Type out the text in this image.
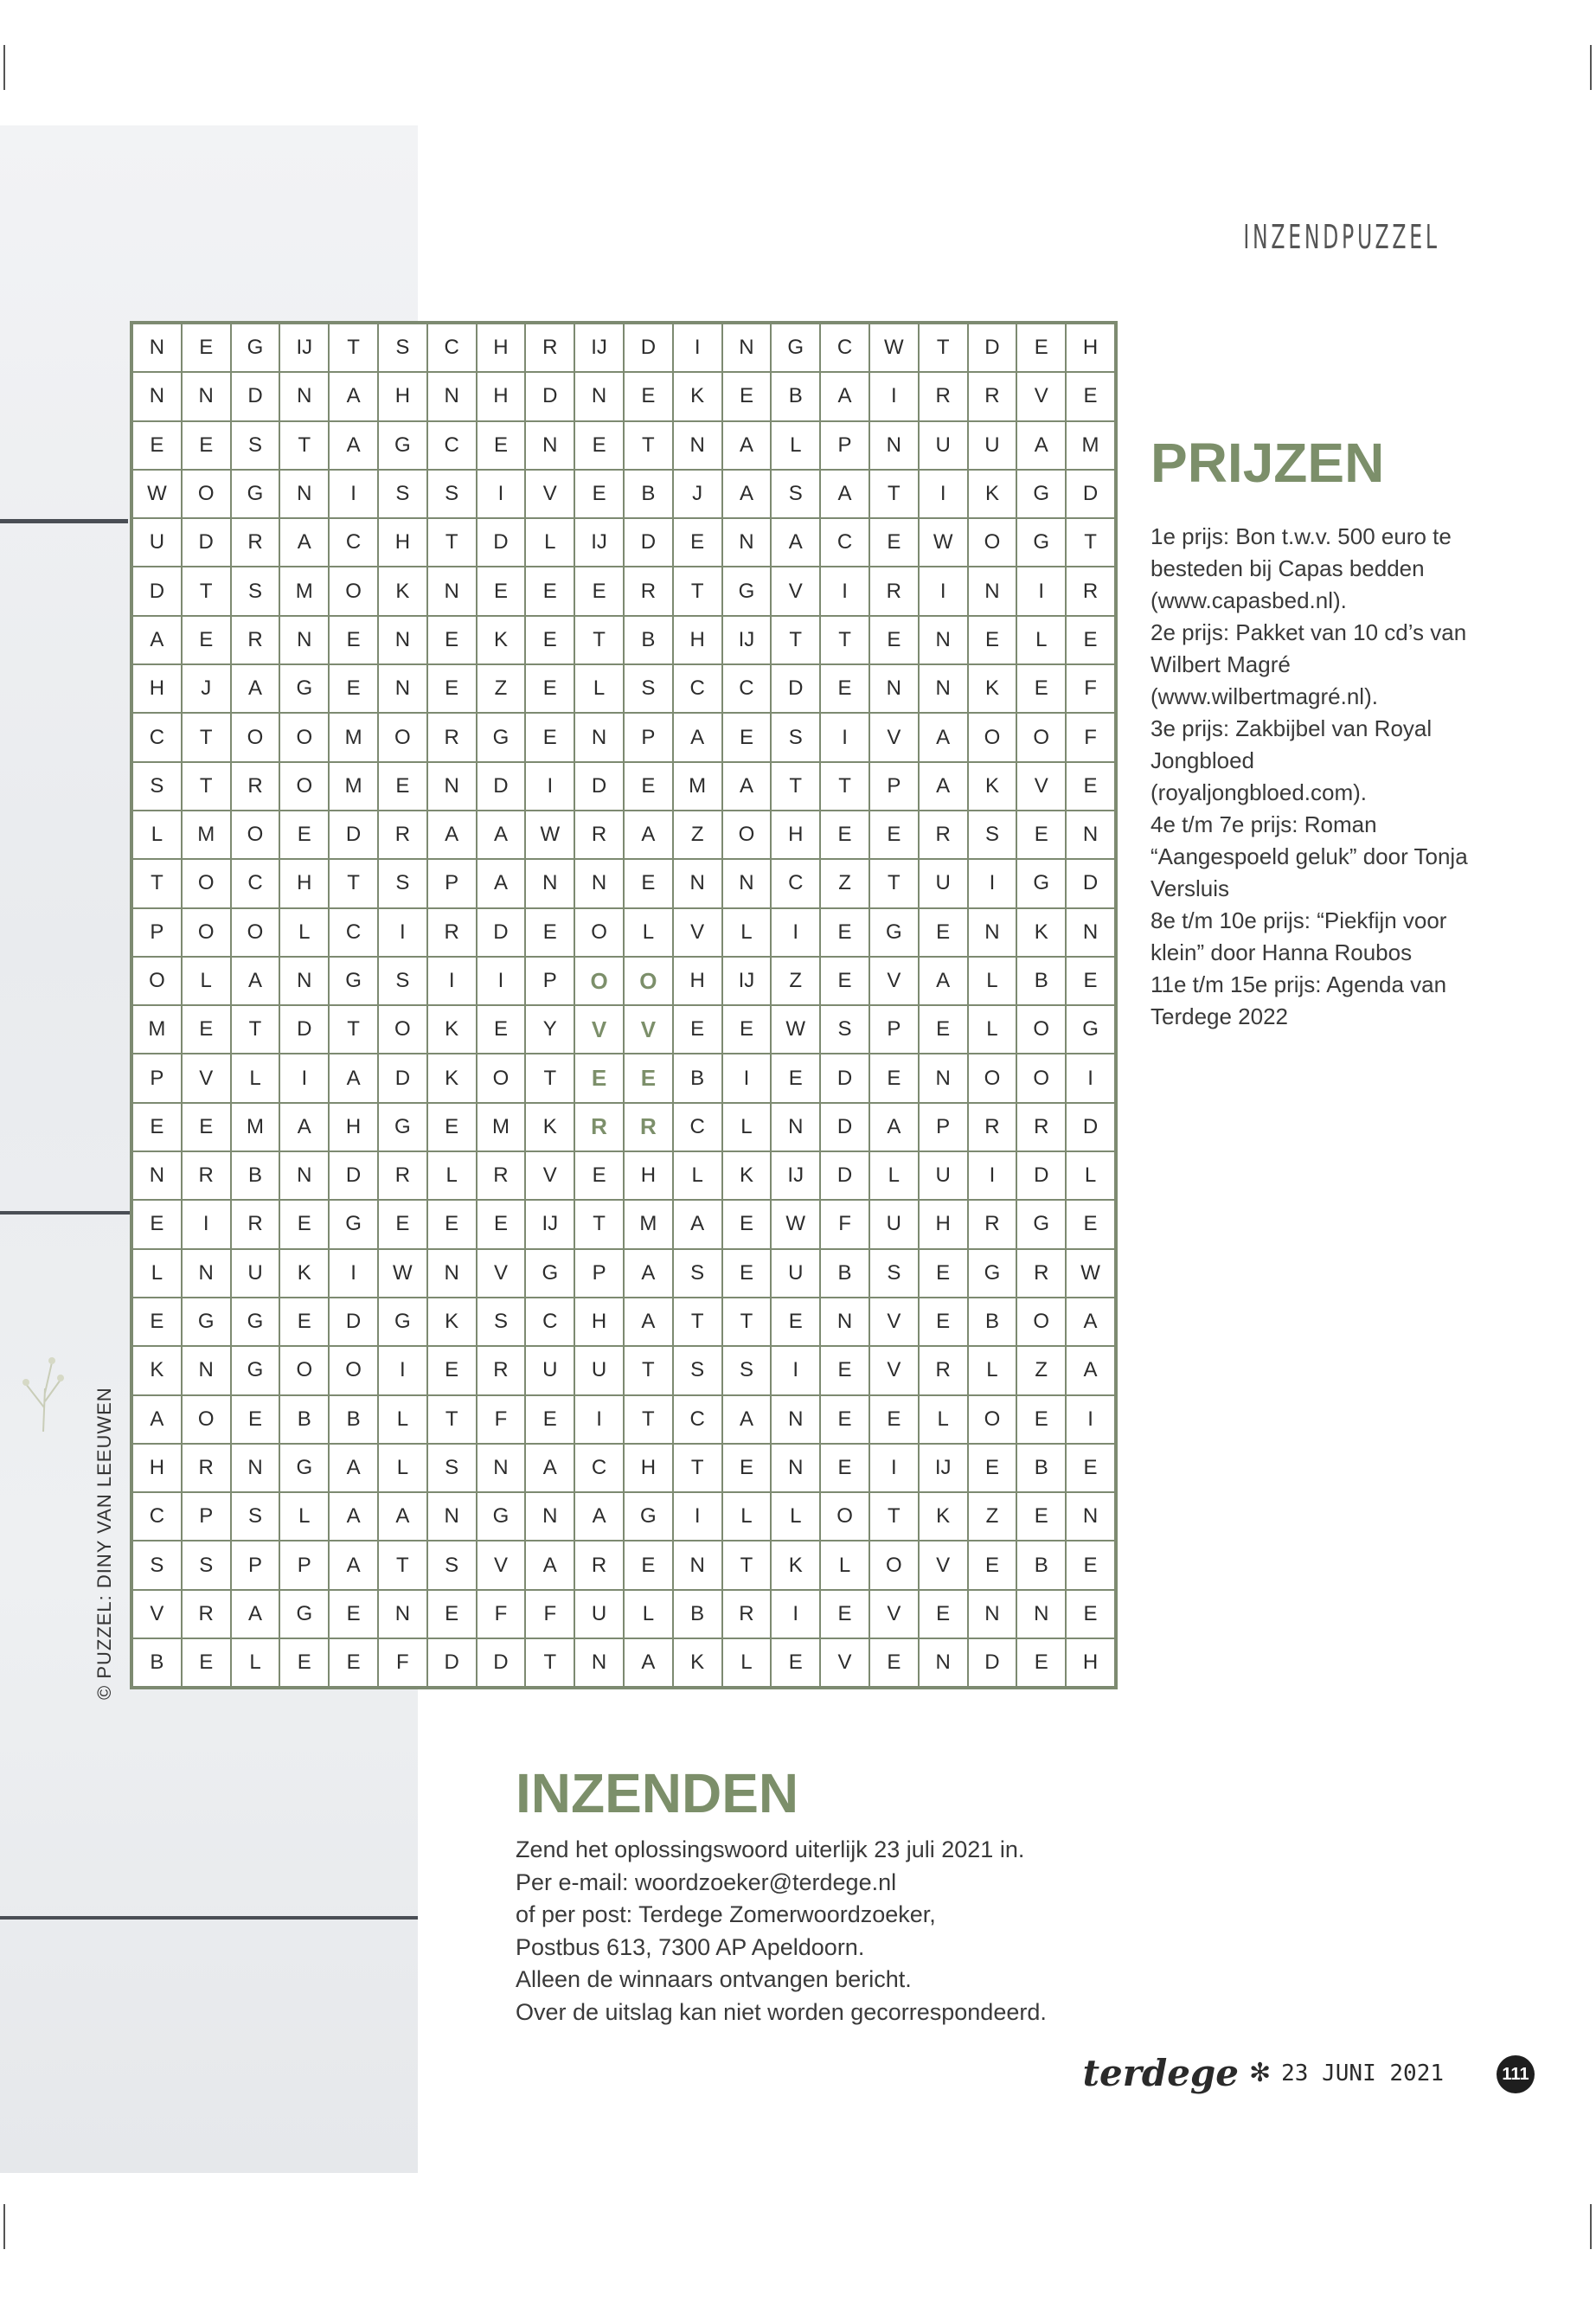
© PUZZEL: DINY VAN LEEUWEN
INZENDPUZZEL
N	E	G	IJ	T	S	C	H	R	IJ	D	I	N	G	C	W	T	D	E	H
N	N	D	N	A	H	N	H	D	N	E	K	E	B	A	I	R	R	V	E
E	E	S	T	A	G	C	E	N	E	T	N	A	L	P	N	U	U	A	M
W	O	G	N	I	S	S	I	V	E	B	J	A	S	A	T	I	K	G	D
U	D	R	A	C	H	T	D	L	IJ	D	E	N	A	C	E	W	O	G	T
D	T	S	M	O	K	N	E	E	E	R	T	G	V	I	R	I	N	I	R
A	E	R	N	E	N	E	K	E	T	B	H	IJ	T	T	E	N	E	L	E
H	J	A	G	E	N	E	Z	E	L	S	C	C	D	E	N	N	K	E	F
C	T	O	O	M	O	R	G	E	N	P	A	E	S	I	V	A	O	O	F
S	T	R	O	M	E	N	D	I	D	E	M	A	T	T	P	A	K	V	E
L	M	O	E	D	R	A	A	W	R	A	Z	O	H	E	E	R	S	E	N
T	O	C	H	T	S	P	A	N	N	E	N	N	C	Z	T	U	I	G	D
P	O	O	L	C	I	R	D	E	O	L	V	L	I	E	G	E	N	K	N
O	L	A	N	G	S	I	I	P	O	O	H	IJ	Z	E	V	A	L	B	E
M	E	T	D	T	O	K	E	Y	V	V	E	E	W	S	P	E	L	O	G
P	V	L	I	A	D	K	O	T	E	E	B	I	E	D	E	N	O	O	I
E	E	M	A	H	G	E	M	K	R	R	C	L	N	D	A	P	R	R	D
N	R	B	N	D	R	L	R	V	E	H	L	K	IJ	D	L	U	I	D	L
E	I	R	E	G	E	E	E	IJ	T	M	A	E	W	F	U	H	R	G	E
L	N	U	K	I	W	N	V	G	P	A	S	E	U	B	S	E	G	R	W
E	G	G	E	D	G	K	S	C	H	A	T	T	E	N	V	E	B	O	A
K	N	G	O	O	I	E	R	U	U	T	S	S	I	E	V	R	L	Z	A
A	O	E	B	B	L	T	F	E	I	T	C	A	N	E	E	L	O	E	I
H	R	N	G	A	L	S	N	A	C	H	T	E	N	E	I	IJ	E	B	E
C	P	S	L	A	A	N	G	N	A	G	I	L	L	O	T	K	Z	E	N
S	S	P	P	A	T	S	V	A	R	E	N	T	K	L	O	V	E	B	E
V	R	A	G	E	N	E	F	F	U	L	B	R	I	E	V	E	N	N	E
B	E	L	E	E	F	D	D	T	N	A	K	L	E	V	E	N	D	E	H
PRIJZEN

1e prijs: Bon t.w.v. 500 euro te besteden bij Capas bedden (www.capasbed.nl).

2e prijs: Pakket van 10 cd’s van Wilbert Magré (www.wilbertmagré.nl).

3e prijs: Zakbijbel van Royal Jongbloed (royaljongbloed.com).

4e t/m 7e prijs: Roman “Aangespoeld geluk” door Tonja Versluis

8e t/m 10e prijs: “Piekfijn voor klein” door Hanna Roubos

11e t/m 15e prijs: Agenda van Terdege 2022

INZENDEN

Zend het oplossingswoord uiterlijk 23 juli 2021 in.

Per e-mail: woordzoeker@terdege.nl

of per post: Terdege Zomerwoordzoeker,

Postbus 613, 7300 AP Apeldoorn.

Alleen de winnaars ontvangen bericht.

Over de uitslag kan niet worden gecorrespondeerd.

terdege ✻ 23 JUNI 2021	111
